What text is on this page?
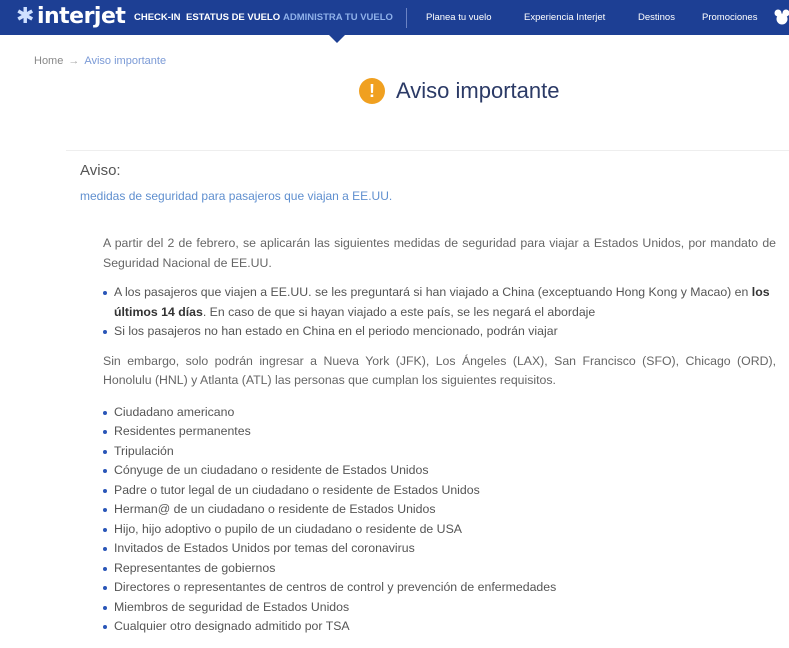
✱ interjet CHECK-IN ESTATUS DE VUELO ADMINISTRA TU VUELO	Planea tu vuelo	Experiencia Interjet	Destinos	Promociones
Home → Aviso importante
! Aviso importante
Aviso:
medidas de seguridad para pasajeros que viajan a EE.UU.

A partir del 2 de febrero, se aplicarán las siguientes medidas de seguridad para viajar a Estados Unidos, por mandato de Seguridad Nacional de EE.UU.

A los pasajeros que viajen a EE.UU. se les preguntará si han viajado a China (exceptuando Hong Kong y Macao) en los últimos 14 días. En caso de que si hayan viajado a este país, se les negará el abordaje
Si los pasajeros no han estado en China en el periodo mencionado, podrán viajar

Sin embargo, solo podrán ingresar a Nueva York (JFK), Los Ángeles (LAX), San Francisco (SFO), Chicago (ORD), Honolulu (HNL) y Atlanta (ATL) las personas que cumplan los siguientes requisitos.

Ciudadano americano
Residentes permanentes
Tripulación
Cónyuge de un ciudadano o residente de Estados Unidos
Padre o tutor legal de un ciudadano o residente de Estados Unidos
Herman@ de un ciudadano o residente de Estados Unidos
Hijo, hijo adoptivo o pupilo de un ciudadano o residente de USA
Invitados de Estados Unidos por temas del coronavirus
Representantes de gobiernos
Directores o representantes de centros de control y prevención de enfermedades
Miembros de seguridad de Estados Unidos
Cualquier otro designado admitido por TSA
